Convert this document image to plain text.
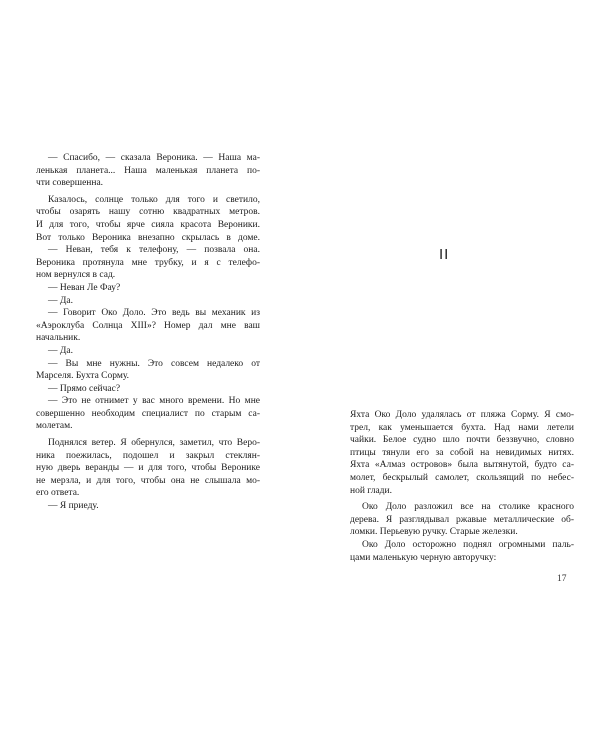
— Спасибо, — сказала Вероника. — Наша ма-
ленькая планета... Наша маленькая планета по-
чти совершенна.
Казалось, солнце только для того и светило,
чтобы озарять нашу сотню квадратных метров.
И для того, чтобы ярче сияла красота Вероники.
Вот только Вероника внезапно скрылась в доме.
— Неван, тебя к телефону, — позвала она.
Вероника протянула мне трубку, и я с телефо-
ном вернулся в сад.
— Неван Ле Фау?
— Да.
— Говорит Око Доло. Это ведь вы механик из
«Аэроклуба Солнца XIII»? Номер дал мне ваш
начальник.
— Да.
— Вы мне нужны. Это совсем недалеко от
Марселя. Бухта Сорму.
— Прямо сейчас?
— Это не отнимет у вас много времени. Но мне
совершенно необходим специалист по старым са-
молетам.
Поднялся ветер. Я обернулся, заметил, что Веро-
ника поежилась, подошел и закрыл стеклян-
ную дверь веранды — и для того, чтобы Веронике
не мерзла, и для того, чтобы она не слышала мо-
его ответа.
— Я приеду.
Яхта Око Доло удалялась от пляжа Сорму. Я смо-
трел, как уменьшается бухта. Над нами летели
чайки. Белое судно шло почти беззвучно, словно
птицы тянули его за собой на невидимых нитях.
Яхта «Алмаз островов» была вытянутой, будто са-
молет, бескрылый самолет, скользящий по небес-
ной глади.
Око Доло разложил все на столике красного
дерева. Я разглядывал ржавые металлические об-
ломки. Перьевую ручку. Старые железки.
Око Доло осторожно поднял огромными паль-
цами маленькую черную авторучку:
II
17
